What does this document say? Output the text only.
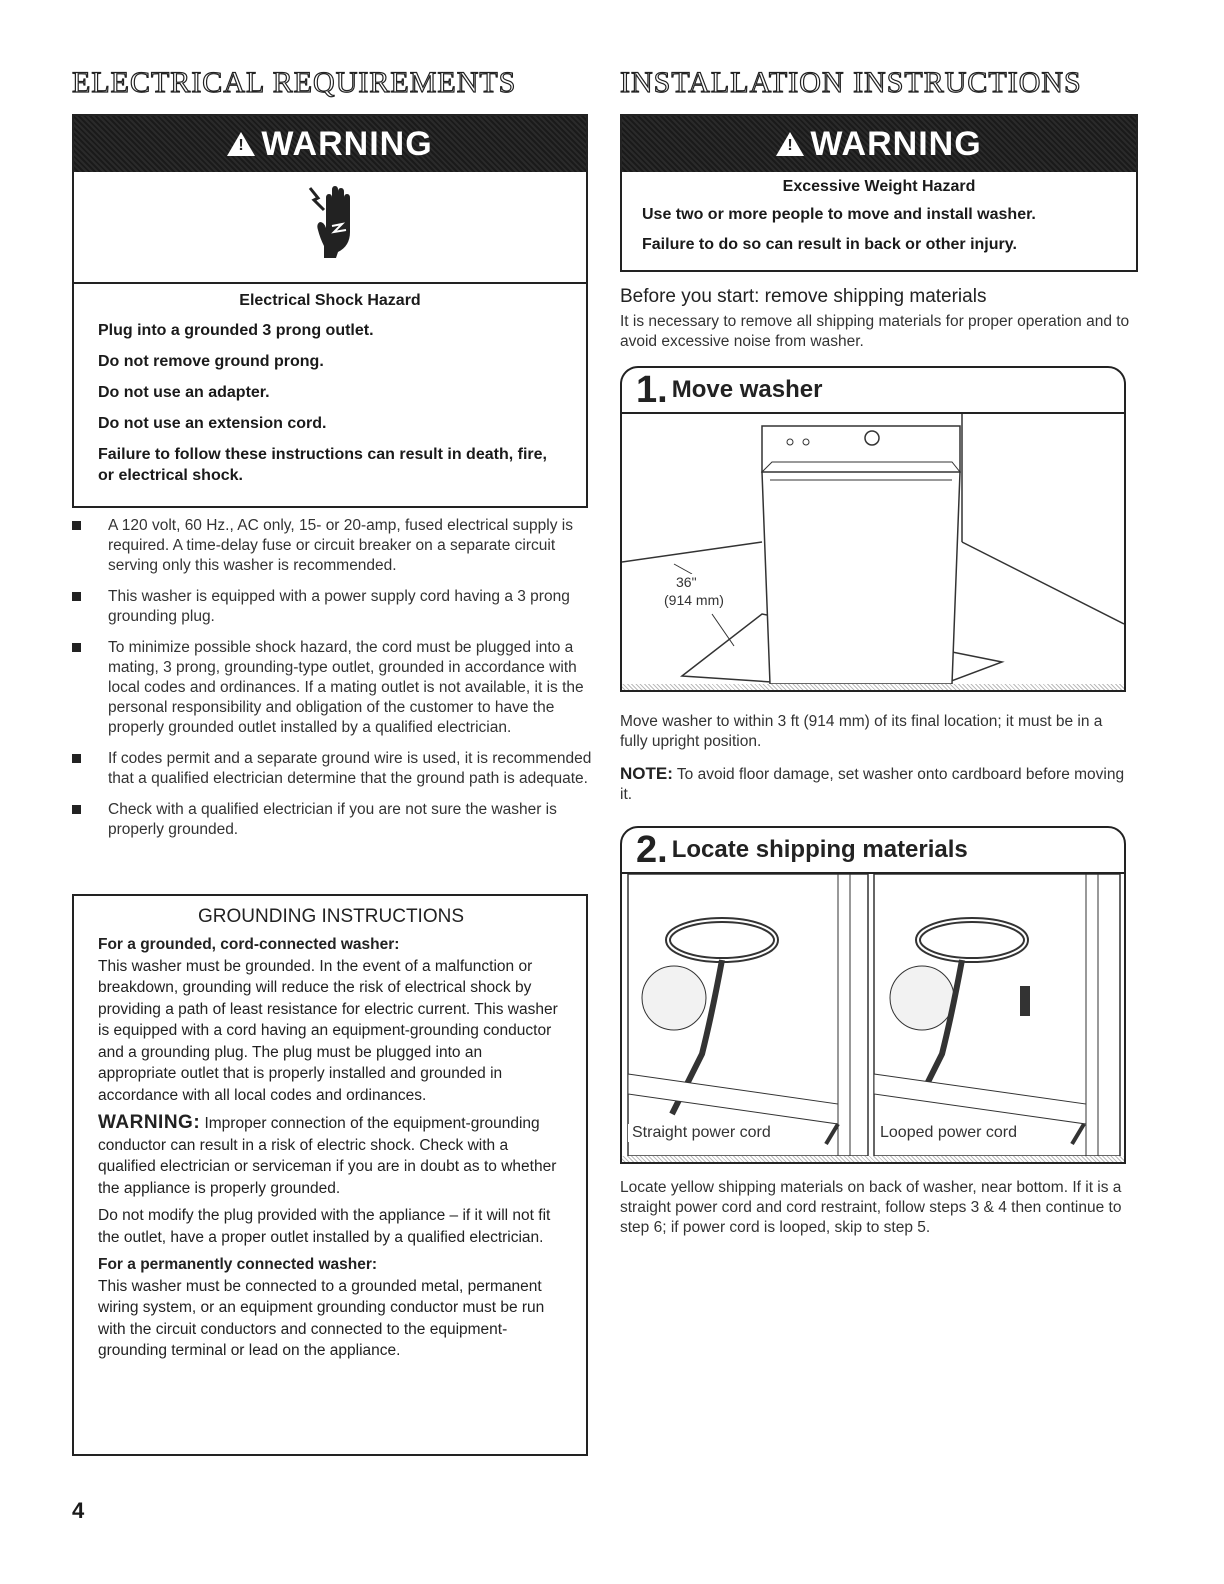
ELECTRICAL REQUIREMENTS
! WARNING

Electrical Shock Hazard

Plug into a grounded 3 prong outlet.

Do not remove ground prong.

Do not use an adapter.

Do not use an extension cord.

Failure to follow these instructions can result in death, fire, or electrical shock.

A 120 volt, 60 Hz., AC only, 15- or 20-amp, fused electrical supply is required. A time-delay fuse or circuit breaker on a separate circuit serving only this washer is recommended.
This washer is equipped with a power supply cord having a 3 prong grounding plug.
To minimize possible shock hazard, the cord must be plugged into a mating, 3 prong, grounding-type outlet, grounded in accordance with local codes and ordinances. If a mating outlet is not available, it is the personal responsibility and obligation of the customer to have the properly grounded outlet installed by a qualified electrician.
If codes permit and a separate ground wire is used, it is recommended that a qualified electrician determine that the ground path is adequate.
Check with a qualified electrician if you are not sure the washer is properly grounded.
GROUNDING INSTRUCTIONS

For a grounded, cord-connected washer:

This washer must be grounded. In the event of a malfunction or breakdown, grounding will reduce the risk of electrical shock by providing a path of least resistance for electric current. This washer is equipped with a cord having an equipment-grounding conductor and a grounding plug. The plug must be plugged into an appropriate outlet that is properly installed and grounded in accordance with all local codes and ordinances.

WARNING: Improper connection of the equipment-grounding conductor can result in a risk of electric shock. Check with a qualified electrician or serviceman if you are in doubt as to whether the appliance is properly grounded.

Do not modify the plug provided with the appliance – if it will not fit the outlet, have a proper outlet installed by a qualified electrician.

For a permanently connected washer:

This washer must be connected to a grounded metal, permanent wiring system, or an equipment grounding conductor must be run with the circuit conductors and connected to the equipment-grounding terminal or lead on the appliance.

4
INSTALLATION INSTRUCTIONS
! WARNING

Excessive Weight Hazard

Use two or more people to move and install washer.

Failure to do so can result in back or other injury.

Before you start: remove shipping materials

It is necessary to remove all shipping materials for proper operation and to avoid excessive noise from washer.

1. Move washer
36"
(914 mm)

Move washer to within 3 ft (914 mm) of its final location; it must be in a fully upright position.

NOTE: To avoid floor damage, set washer onto cardboard before moving it.

2. Locate shipping materials
Straight power cord	Looped power cord

Locate yellow shipping materials on back of washer, near bottom. If it is a straight power cord and cord restraint, follow steps 3 & 4 then continue to step 6; if power cord is looped, skip to step 5.
